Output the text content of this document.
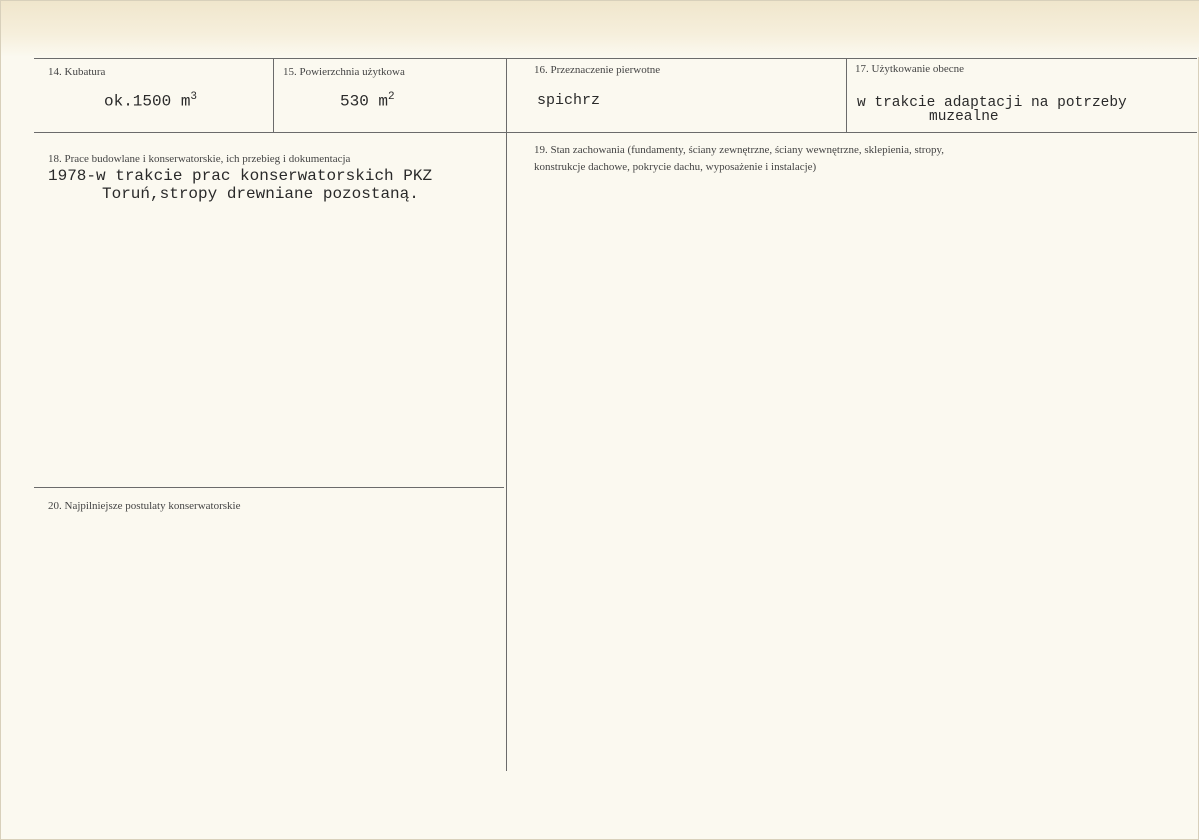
14. Kubatura
ok.1500 $m^3$
15. Powierzchnia użytkowa
530 $m^2$
16. Przeznaczenie pierwotne
spichrz
17. Użytkowanie obecne
w trakcie adaptacji na potrzeby
muzealne
18. Prace budowlane i konserwatorskie, ich przebieg i dokumentacja
1978-w trakcie prac konserwatorskich PKZ
Toruń,stropy drewniane pozostaną.
19. Stan zachowania (fundamenty, ściany zewnętrzne, ściany wewnętrzne, sklepienia, stropy,
konstrukcje dachowe, pokrycie dachu, wyposażenie i instalacje)
20. Najpilniejsze postulaty konserwatorskie
